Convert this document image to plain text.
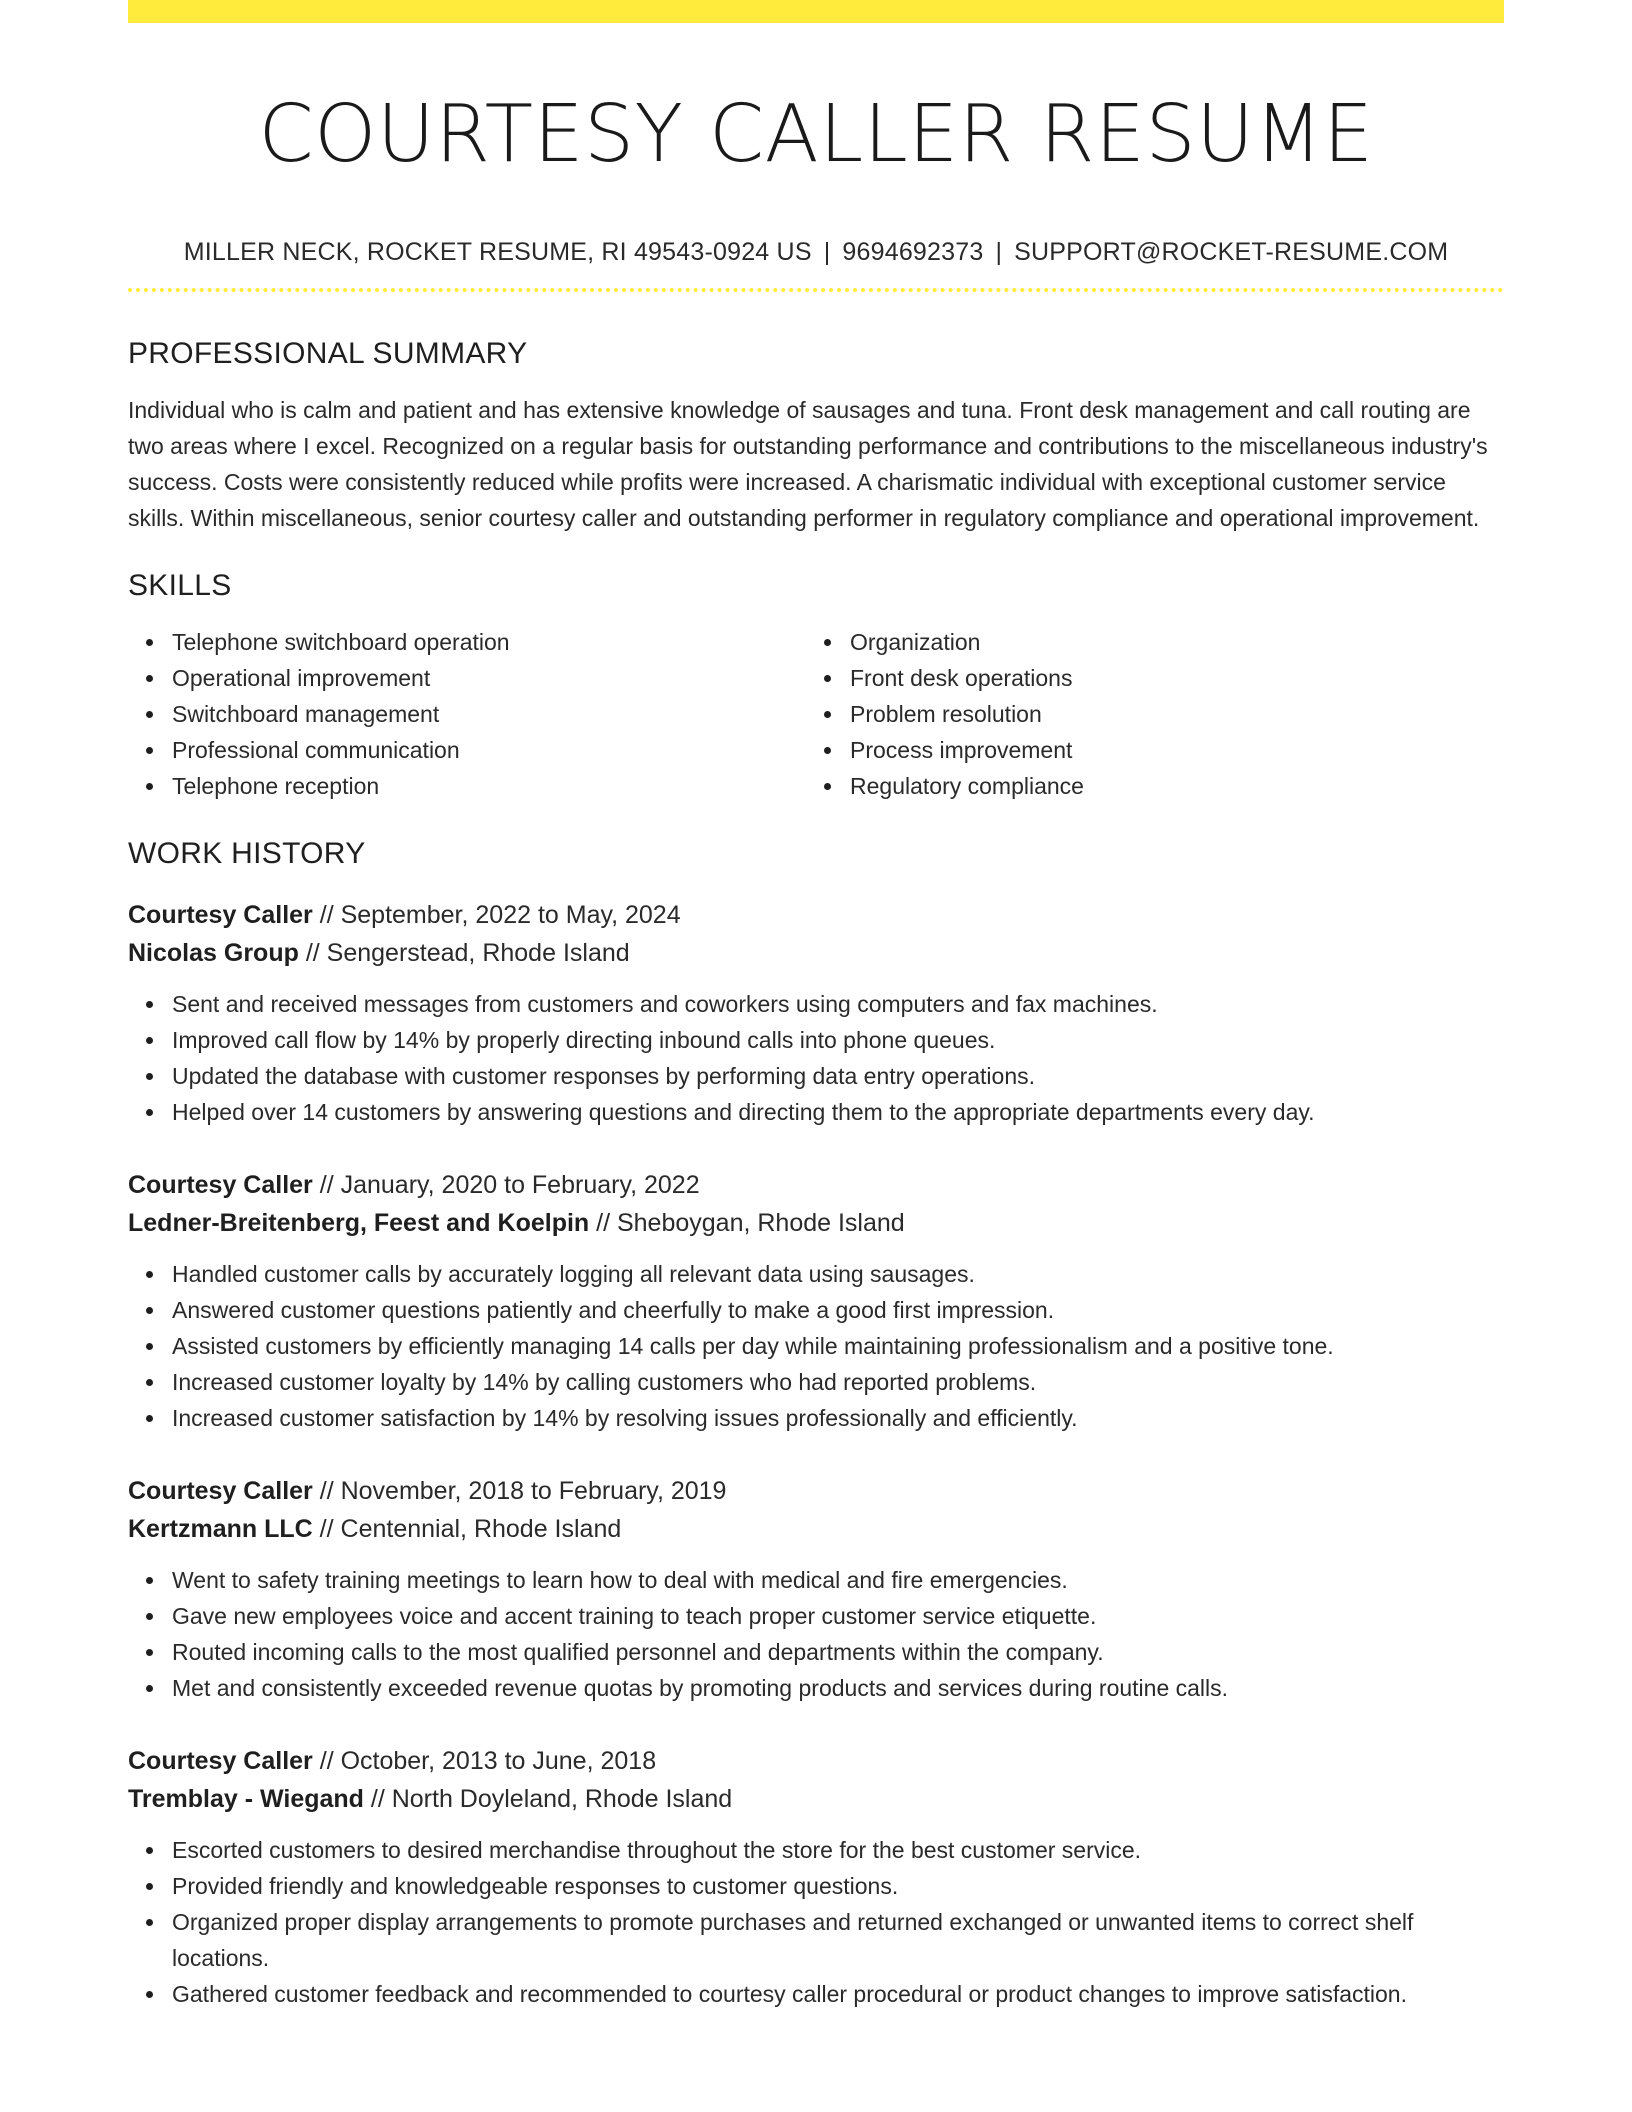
COURTESY CALLER RESUME
MILLER NECK, ROCKET RESUME, RI 49543-0924 US | 9694692373 | SUPPORT@ROCKET-RESUME.COM
PROFESSIONAL SUMMARY

Individual who is calm and patient and has extensive knowledge of sausages and tuna. Front desk management and call routing are two areas where I excel. Recognized on a regular basis for outstanding performance and contributions to the miscellaneous industry's success. Costs were consistently reduced while profits were increased. A charismatic individual with exceptional customer service skills. Within miscellaneous, senior courtesy caller and outstanding performer in regulatory compliance and operational improvement.

SKILLS
Telephone switchboard operation
Operational improvement
Switchboard management
Professional communication
Telephone reception
Organization
Front desk operations
Problem resolution
Process improvement
Regulatory compliance
WORK HISTORY
Courtesy Caller // September, 2022 to May, 2024
Nicolas Group // Sengerstead, Rhode Island
Sent and received messages from customers and coworkers using computers and fax machines.
Improved call flow by 14% by properly directing inbound calls into phone queues.
Updated the database with customer responses by performing data entry operations.
Helped over 14 customers by answering questions and directing them to the appropriate departments every day.
Courtesy Caller // January, 2020 to February, 2022
Ledner-Breitenberg, Feest and Koelpin // Sheboygan, Rhode Island
Handled customer calls by accurately logging all relevant data using sausages.
Answered customer questions patiently and cheerfully to make a good first impression.
Assisted customers by efficiently managing 14 calls per day while maintaining professionalism and a positive tone.
Increased customer loyalty by 14% by calling customers who had reported problems.
Increased customer satisfaction by 14% by resolving issues professionally and efficiently.
Courtesy Caller // November, 2018 to February, 2019
Kertzmann LLC // Centennial, Rhode Island
Went to safety training meetings to learn how to deal with medical and fire emergencies.
Gave new employees voice and accent training to teach proper customer service etiquette.
Routed incoming calls to the most qualified personnel and departments within the company.
Met and consistently exceeded revenue quotas by promoting products and services during routine calls.
Courtesy Caller // October, 2013 to June, 2018
Tremblay - Wiegand // North Doyleland, Rhode Island
Escorted customers to desired merchandise throughout the store for the best customer service.
Provided friendly and knowledgeable responses to customer questions.
Organized proper display arrangements to promote purchases and returned exchanged or unwanted items to correct shelf locations.
Gathered customer feedback and recommended to courtesy caller procedural or product changes to improve satisfaction.
